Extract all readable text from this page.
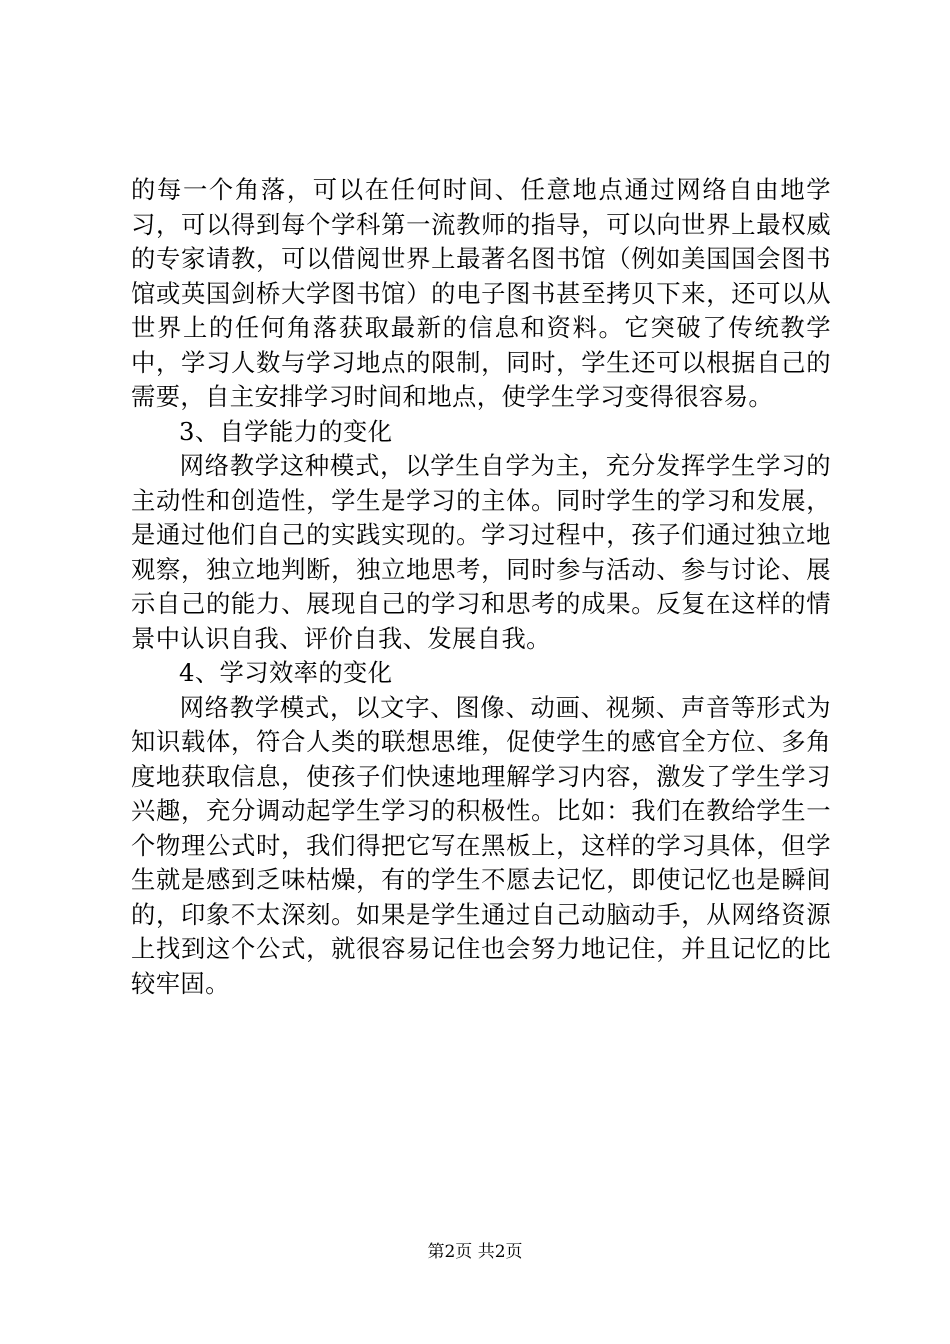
的每一个角落，可以在任何时间、任意地点通过网络自由地学习，可以得到每个学科第一流教师的指导，可以向世界上最权威的专家请教，可以借阅世界上最著名图书馆（例如美国国会图书馆或英国剑桥大学图书馆）的电子图书甚至拷贝下来，还可以从世界上的任何角落获取最新的信息和资料。它突破了传统教学中，学习人数与学习地点的限制，同时，学生还可以根据自己的需要，自主安排学习时间和地点，使学生学习变得很容易。

3、自学能力的变化

网络教学这种模式，以学生自学为主，充分发挥学生学习的主动性和创造性，学生是学习的主体。同时学生的学习和发展，是通过他们自己的实践实现的。学习过程中，孩子们通过独立地观察，独立地判断，独立地思考，同时参与活动、参与讨论、展示自己的能力、展现自己的学习和思考的成果。反复在这样的情景中认识自我、评价自我、发展自我。

4、学习效率的变化

网络教学模式，以文字、图像、动画、视频、声音等形式为知识载体，符合人类的联想思维，促使学生的感官全方位、多角度地获取信息，使孩子们快速地理解学习内容，激发了学生学习兴趣，充分调动起学生学习的积极性。比如：我们在教给学生一个物理公式时，我们得把它写在黑板上，这样的学习具体，但学生就是感到乏味枯燥，有的学生不愿去记忆，即使记忆也是瞬间的，印象不太深刻。如果是学生通过自己动脑动手，从网络资源上找到这个公式，就很容易记住也会努力地记住，并且记忆的比较牢固。

第2页 共2页
